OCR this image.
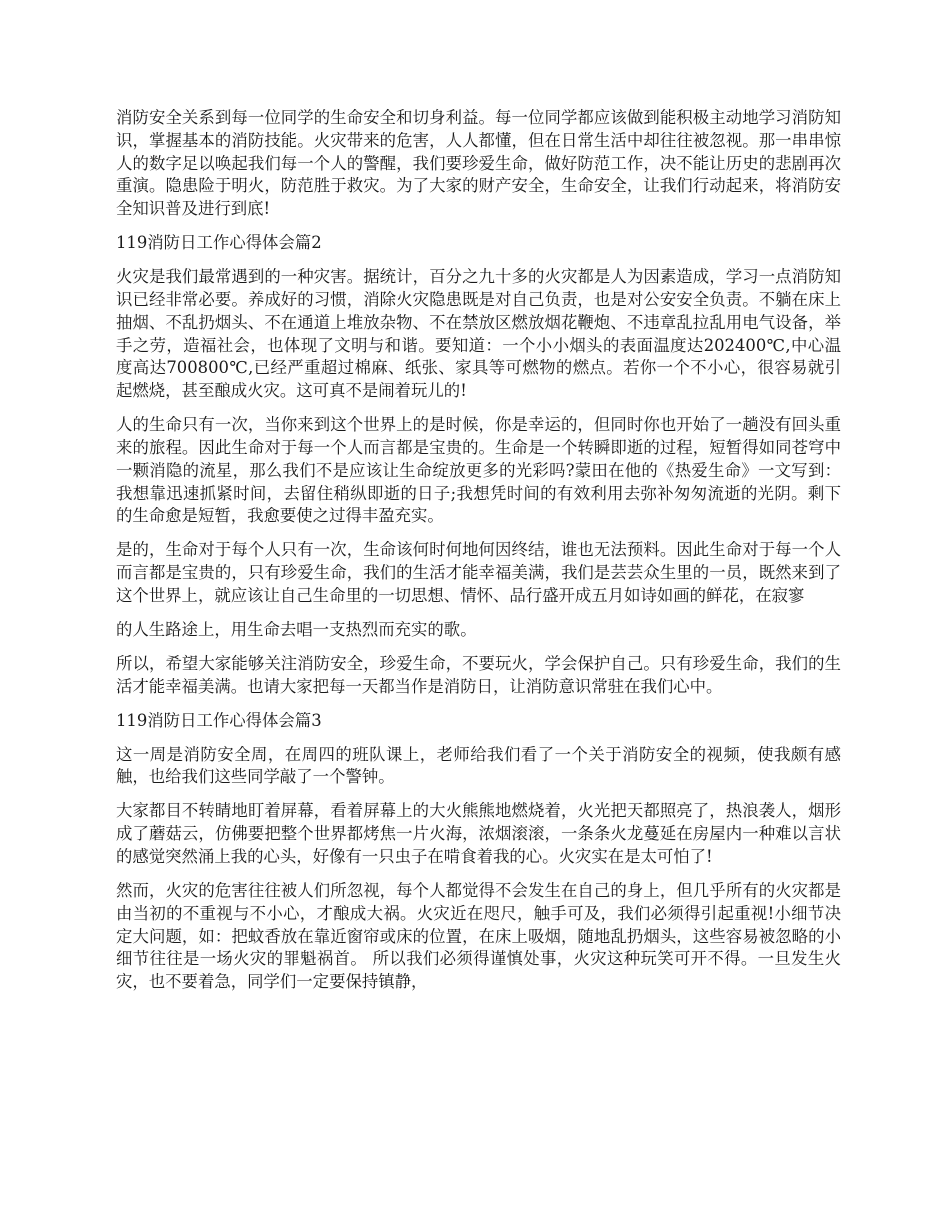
消防安全关系到每一位同学的生命安全和切身利益。每一位同学都应该做到能积极主动地学习消防知识，掌握基本的消防技能。火灾带来的危害，人人都懂，但在日常生活中却往往被忽视。那一串串惊人的数字足以唤起我们每一个人的警醒，我们要珍爱生命，做好防范工作，决不能让历史的悲剧再次重演。隐患险于明火，防范胜于救灾。为了大家的财产安全，生命安全，让我们行动起来，将消防安全知识普及进行到底!

119消防日工作心得体会篇2

火灾是我们最常遇到的一种灾害。据统计，百分之九十多的火灾都是人为因素造成，学习一点消防知识已经非常必要。养成好的习惯，消除火灾隐患既是对自己负责，也是对公安安全负责。不躺在床上抽烟、不乱扔烟头、不在通道上堆放杂物、不在禁放区燃放烟花鞭炮、不违章乱拉乱用电气设备，举手之劳，造福社会，也体现了文明与和谐。要知道：一个小小烟头的表面温度达202400℃,中心温度高达700800℃,已经严重超过棉麻、纸张、家具等可燃物的燃点。若你一个不小心，很容易就引起燃烧，甚至酿成火灾。这可真不是闹着玩儿的!

人的生命只有一次，当你来到这个世界上的是时候，你是幸运的，但同时你也开始了一趟没有回头重来的旅程。因此生命对于每一个人而言都是宝贵的。生命是一个转瞬即逝的过程，短暂得如同苍穹中一颗消隐的流星，那么我们不是应该让生命绽放更多的光彩吗?蒙田在他的《热爱生命》一文写到：我想靠迅速抓紧时间，去留住稍纵即逝的日子;我想凭时间的有效利用去弥补匆匆流逝的光阴。剩下的生命愈是短暂，我愈要使之过得丰盈充实。

是的，生命对于每个人只有一次，生命该何时何地何因终结，谁也无法预料。因此生命对于每一个人而言都是宝贵的，只有珍爱生命，我们的生活才能幸福美满，我们是芸芸众生里的一员，既然来到了这个世界上，就应该让自己生命里的一切思想、情怀、品行盛开成五月如诗如画的鲜花，在寂寥

的人生路途上，用生命去唱一支热烈而充实的歌。

所以，希望大家能够关注消防安全，珍爱生命，不要玩火，学会保护自己。只有珍爱生命，我们的生活才能幸福美满。也请大家把每一天都当作是消防日，让消防意识常驻在我们心中。

119消防日工作心得体会篇3

这一周是消防安全周，在周四的班队课上，老师给我们看了一个关于消防安全的视频，使我颇有感触，也给我们这些同学敲了一个警钟。

大家都目不转睛地盯着屏幕，看着屏幕上的大火熊熊地燃烧着，火光把天都照亮了，热浪袭人，烟形成了蘑菇云，仿佛要把整个世界都烤焦一片火海，浓烟滚滚，一条条火龙蔓延在房屋内一种难以言状的感觉突然涌上我的心头，好像有一只虫子在啃食着我的心。火灾实在是太可怕了!

然而，火灾的危害往往被人们所忽视，每个人都觉得不会发生在自己的身上，但几乎所有的火灾都是由当初的不重视与不小心，才酿成大祸。火灾近在咫尺，触手可及，我们必须得引起重视!小细节决定大问题，如：把蚊香放在靠近窗帘或床的位置，在床上吸烟，随地乱扔烟头，这些容易被忽略的小细节往往是一场火灾的罪魁祸首。 所以我们必须得谨慎处事，火灾这种玩笑可开不得。一旦发生火灾，也不要着急，同学们一定要保持镇静，
